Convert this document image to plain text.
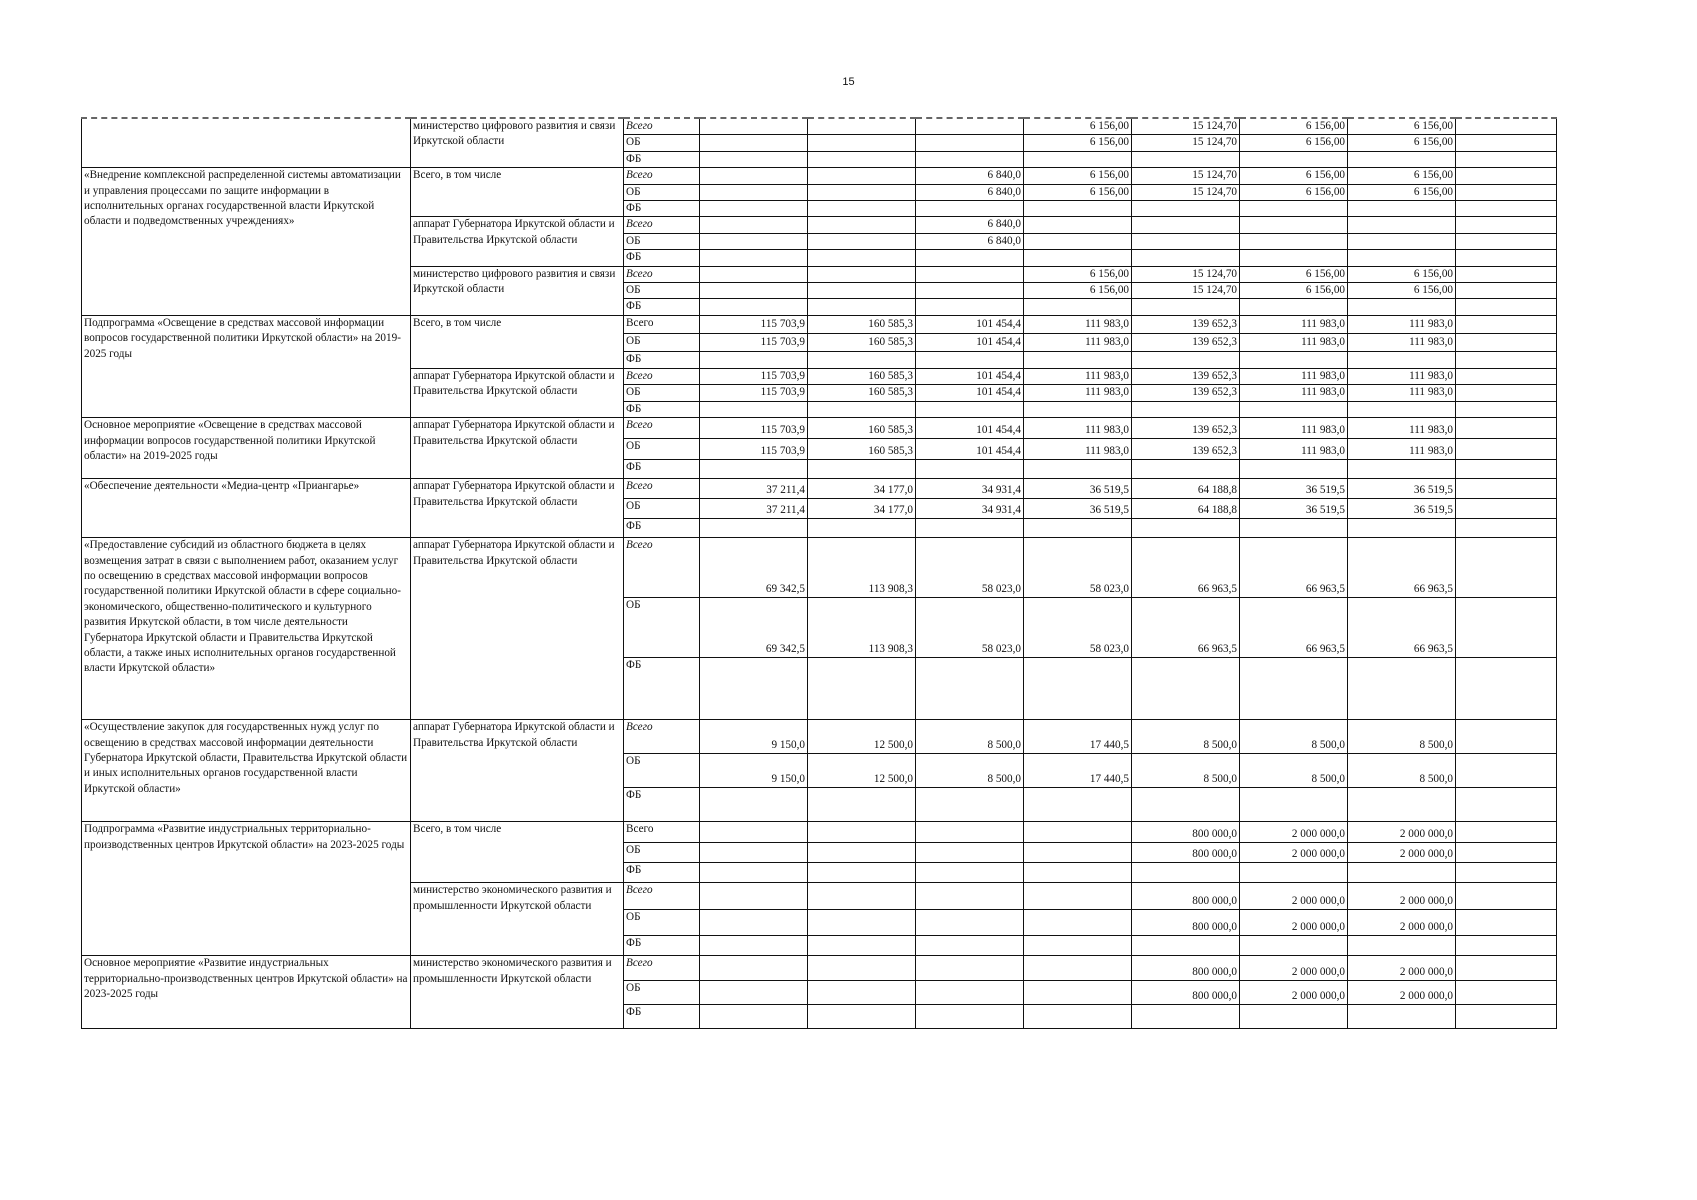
15
	министерство цифрового развития и связи Иркутской области	Всего				6 156,00	15 124,70	6 156,00	6 156,00	
		ОБ				6 156,00	15 124,70	6 156,00	6 156,00	
		ФБ								
«Внедрение комплексной распределенной системы автоматизации и управления процессами по защите информации в исполнительных органах государственной власти Иркутской области и подведомственных учреждениях»	Всего, в том числе	Всего			6 840,0	6 156,00	15 124,70	6 156,00	6 156,00	
		ОБ			6 840,0	6 156,00	15 124,70	6 156,00	6 156,00	
		ФБ								
	аппарат Губернатора Иркутской области и Правительства Иркутской области	Всего			6 840,0					
		ОБ			6 840,0					
		ФБ								
	министерство цифрового развития и связи Иркутской области	Всего				6 156,00	15 124,70	6 156,00	6 156,00	
		ОБ				6 156,00	15 124,70	6 156,00	6 156,00	
		ФБ								
Подпрограмма «Освещение в средствах массовой информации вопросов государственной политики Иркутской области» на 2019-2025 годы	Всего, в том числе	Всего	115 703,9	160 585,3	101 454,4	111 983,0	139 652,3	111 983,0	111 983,0	
		ОБ	115 703,9	160 585,3	101 454,4	111 983,0	139 652,3	111 983,0	111 983,0	
		ФБ								
	аппарат Губернатора Иркутской области и Правительства Иркутской области	Всего	115 703,9	160 585,3	101 454,4	111 983,0	139 652,3	111 983,0	111 983,0	
		ОБ	115 703,9	160 585,3	101 454,4	111 983,0	139 652,3	111 983,0	111 983,0	
		ФБ								
Основное мероприятие «Освещение в средствах массовой информации вопросов государственной политики Иркутской области» на 2019-2025 годы	аппарат Губернатора Иркутской области и Правительства Иркутской области	Всего	115 703,9	160 585,3	101 454,4	111 983,0	139 652,3	111 983,0	111 983,0	
		ОБ	115 703,9	160 585,3	101 454,4	111 983,0	139 652,3	111 983,0	111 983,0	
		ФБ								
«Обеспечение деятельности «Медиа-центр «Приангарье»	аппарат Губернатора Иркутской области и Правительства Иркутской области	Всего	37 211,4	34 177,0	34 931,4	36 519,5	64 188,8	36 519,5	36 519,5	
		ОБ	37 211,4	34 177,0	34 931,4	36 519,5	64 188,8	36 519,5	36 519,5	
		ФБ								
«Предоставление субсидий из областного бюджета в целях возмещения затрат в связи с выполнением работ, оказанием услуг по освещению в средствах массовой информации вопросов государственной политики Иркутской области в сфере социально-экономического, общественно-политического и культурного развития Иркутской области, в том числе деятельности Губернатора Иркутской области и Правительства Иркутской области, а также иных исполнительных органов государственной власти Иркутской области»	аппарат Губернатора Иркутской области и Правительства Иркутской области	Всего	69 342,5	113 908,3	58 023,0	58 023,0	66 963,5	66 963,5	66 963,5	
		ОБ	69 342,5	113 908,3	58 023,0	58 023,0	66 963,5	66 963,5	66 963,5	
		ФБ								
«Осуществление закупок для государственных нужд услуг по освещению в средствах массовой информации деятельности Губернатора Иркутской области, Правительства Иркутской области и иных исполнительных органов государственной власти Иркутской области»	аппарат Губернатора Иркутской области и Правительства Иркутской области	Всего	9 150,0	12 500,0	8 500,0	17 440,5	8 500,0	8 500,0	8 500,0	
		ОБ	9 150,0	12 500,0	8 500,0	17 440,5	8 500,0	8 500,0	8 500,0	
		ФБ								
Подпрограмма «Развитие индустриальных территориально-производственных центров Иркутской области» на 2023-2025 годы	Всего, в том числе	Всего					800 000,0	2 000 000,0	2 000 000,0	
		ОБ					800 000,0	2 000 000,0	2 000 000,0	
		ФБ								
	министерство экономического развития и промышленности Иркутской области	Всего					800 000,0	2 000 000,0	2 000 000,0	
		ОБ					800 000,0	2 000 000,0	2 000 000,0	
		ФБ								
Основное мероприятие «Развитие индустриальных территориально-производственных центров Иркутской области» на 2023-2025 годы	министерство экономического развития и промышленности Иркутской области	Всего					800 000,0	2 000 000,0	2 000 000,0	
		ОБ					800 000,0	2 000 000,0	2 000 000,0	
		ФБ								
